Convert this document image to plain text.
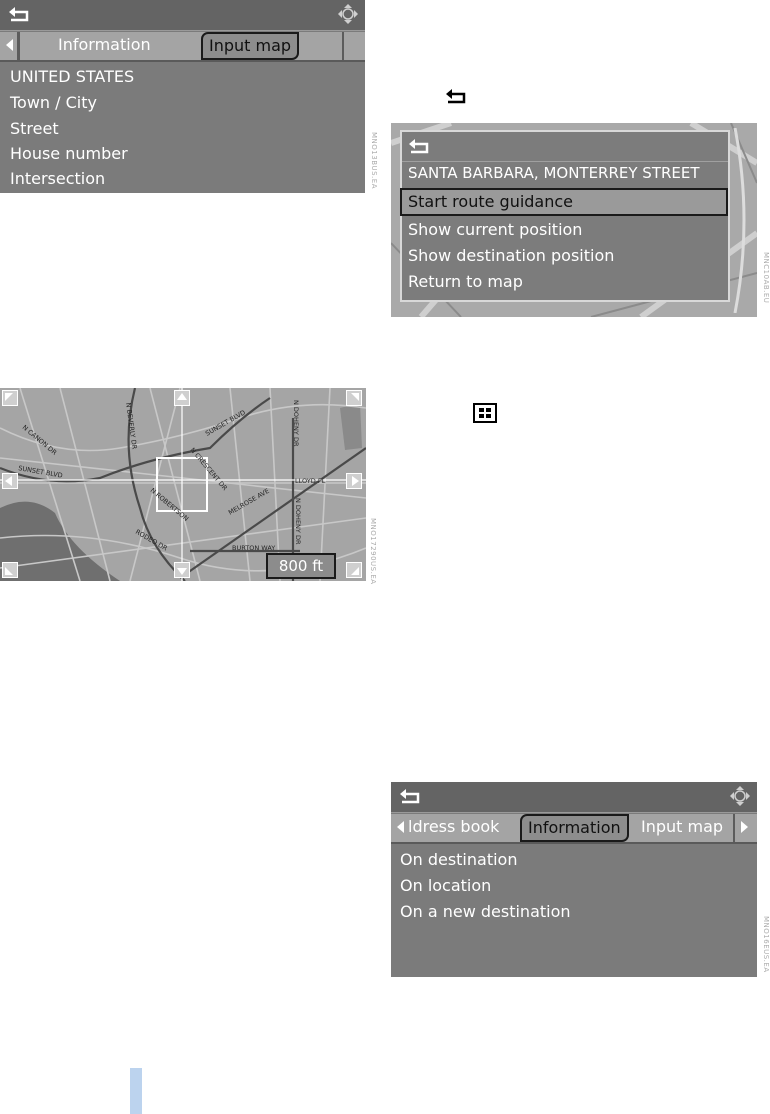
Information	Input map
UNITED STATES
Town / City
Street
House number
Intersection	MNO13BUS.EA SANTA BARBARA, MONTERREY STREET
Start route guidance
Show current position
Show destination position
Return to map	MNC10AB.EU
N CANON DR
SUNSET BLVD
N BEVERLY DR
SUNSET BLVD
N DOHENY DR
N CRESCENT DR	LLOYD PL
MELROSE AVE
N ROBERTSON	N DOHENY DR
RODEO DR	BURTON WAY
800 ft	MNO17290US.EA
ldress book	Information	Input map
On destination
On location
On a new destination
MNO16EUS.EA
